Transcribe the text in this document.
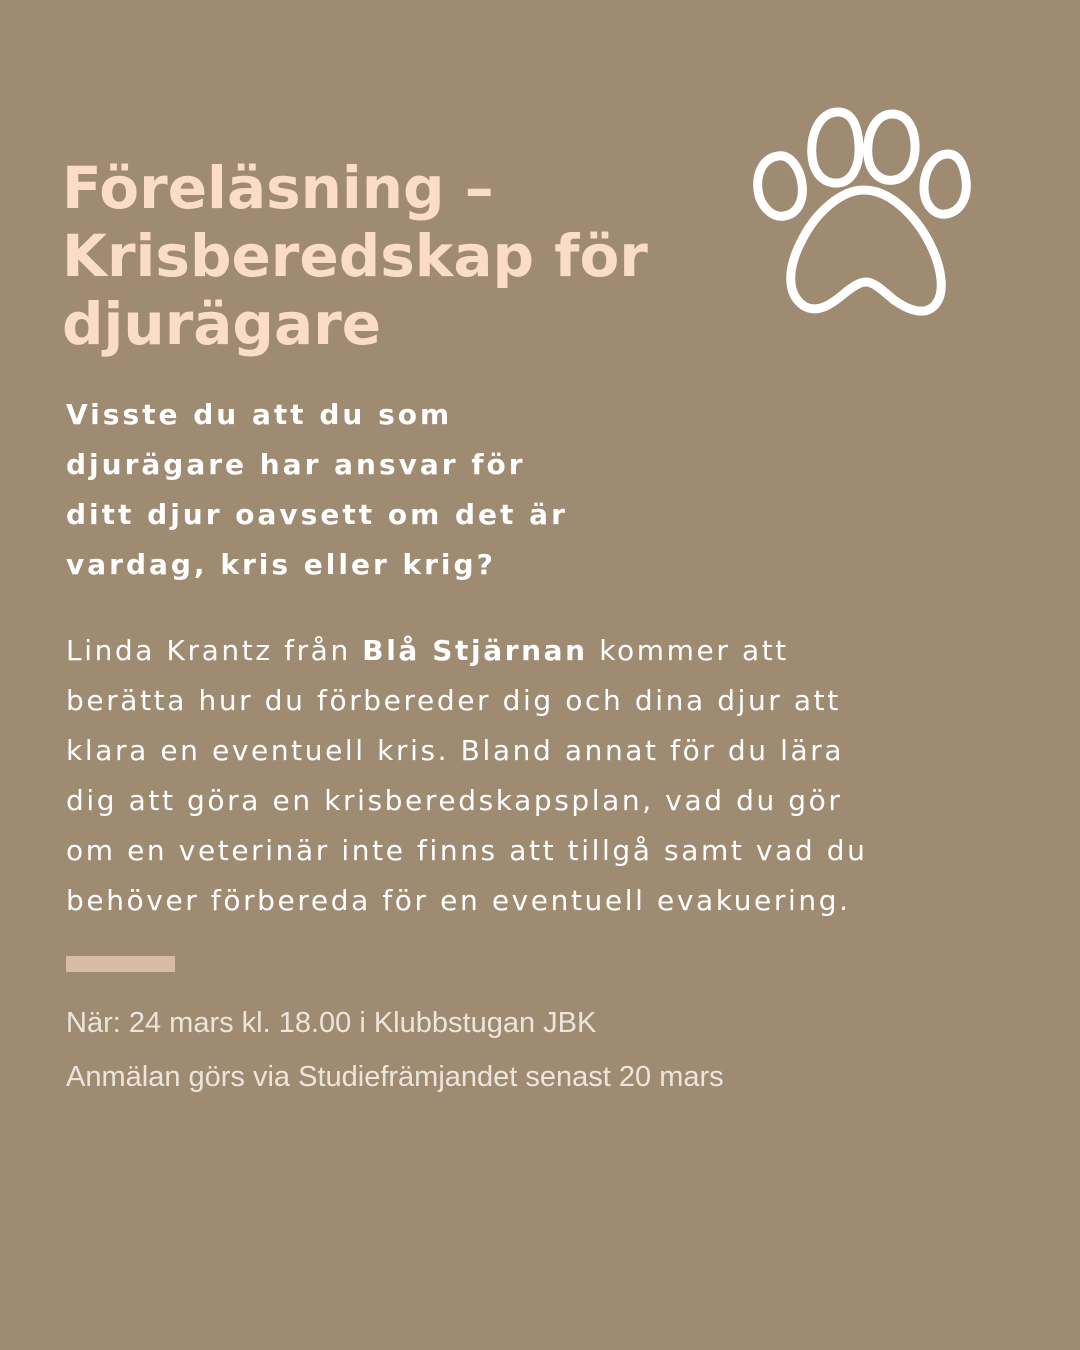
Föreläsning –
Krisberedskap för
djurägare

Visste du att du som
djurägare har ansvar för
ditt djur oavsett om det är
vardag, kris eller krig?

Linda Krantz från Blå Stjärnan kommer att
berätta hur du förbereder dig och dina djur att
klara en eventuell kris. Bland annat för du lära
dig att göra en krisberedskapsplan, vad du gör
om en veterinär inte finns att tillgå samt vad du
behöver förbereda för en eventuell evakuering.

När: 24 mars kl. 18.00 i Klubbstugan JBK

Anmälan görs via Studiefrämjandet senast 20 mars
